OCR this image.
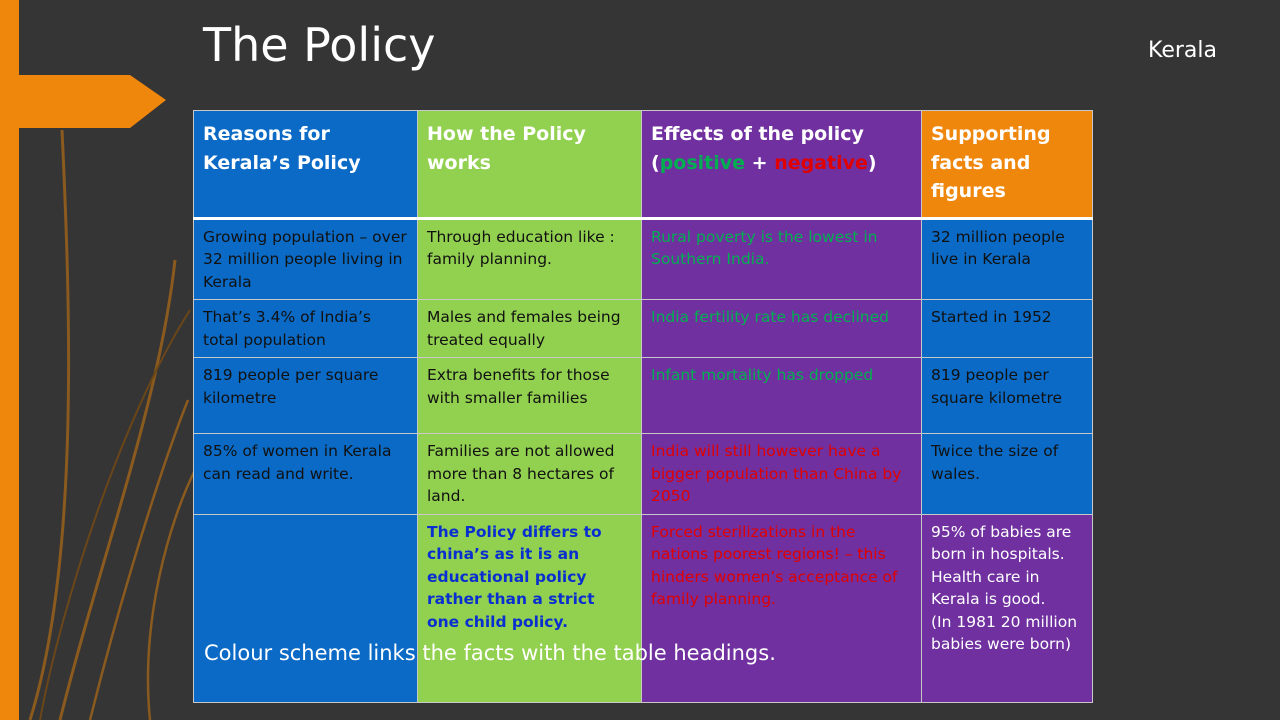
The Policy	Kerala
Reasons for Kerala’s Policy	How the Policy works	Effects of the policy (positive + negative)	Supporting facts and figures
Growing population – over 32 million people living in Kerala	Through education like : family planning.	Rural poverty is the lowest in Southern India.	32 million people live in Kerala
That’s 3.4% of India’s total population	Males and females being treated equally	India fertility rate has declined	Started in 1952
819 people per square kilometre	Extra benefits for those with smaller families	Infant mortality has dropped	819 people per square kilometre
85% of women in Kerala can read and write.	Families are not allowed more than 8 hectares of land.	India will still however have a bigger population than China by 2050	Twice the size of wales.
	The Policy differs to china’s as it is an educational policy rather than a strict one child policy.	Forced sterilizations in the nations poorest regions! – this hinders women’s acceptance of family planning.	95% of babies are born in hospitals. Health care in Kerala is good.
(In 1981 20 million babies were born)
Colour scheme links the facts with the table headings.
